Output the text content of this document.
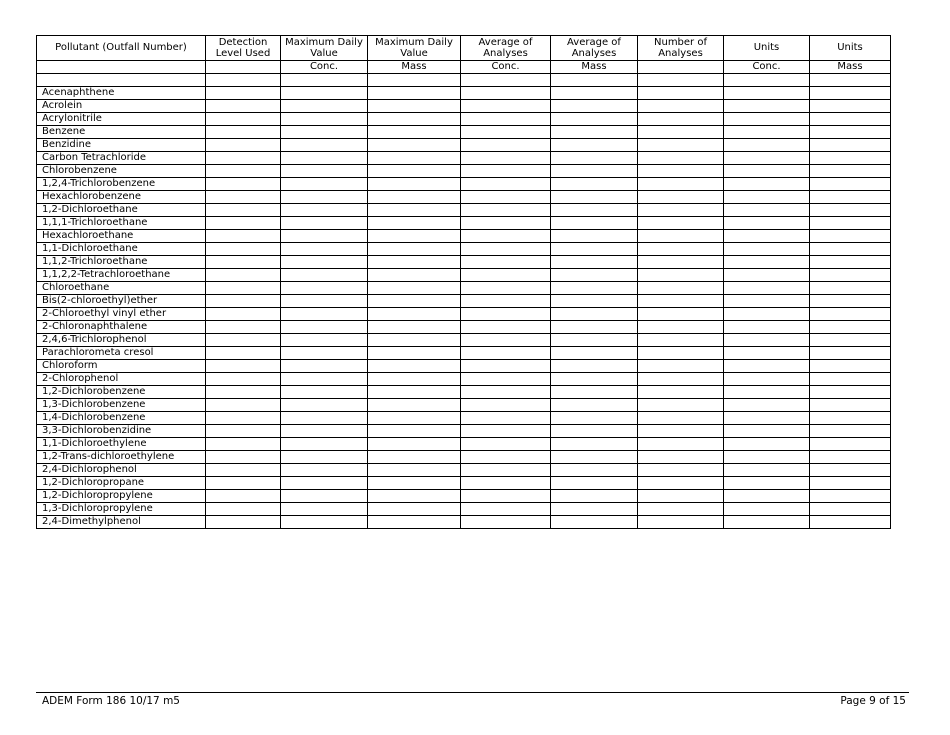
Pollutant (Outfall Number)	Detection Level Used	Maximum Daily Value	Maximum Daily Value	Average of Analyses	Average of Analyses	Number of Analyses	Units	Units
		Conc.	Mass	Conc.	Mass		Conc.	Mass

Acenaphthene								
Acrolein								
Acrylonitrile								
Benzene								
Benzidine								
Carbon Tetrachloride								
Chlorobenzene								
1,2,4-Trichlorobenzene								
Hexachlorobenzene								
1,2-Dichloroethane								
1,1,1-Trichloroethane								
Hexachloroethane								
1,1-Dichloroethane								
1,1,2-Trichloroethane								
1,1,2,2-Tetrachloroethane								
Chloroethane								
Bis(2-chloroethyl)ether								
2-Chloroethyl vinyl ether								
2-Chloronaphthalene								
2,4,6-Trichlorophenol								
Parachlorometa cresol								
Chloroform								
2-Chlorophenol								
1,2-Dichlorobenzene								
1,3-Dichlorobenzene								
1,4-Dichlorobenzene								
3,3-Dichlorobenzidine								
1,1-Dichloroethylene								
1,2-Trans-dichloroethylene								
2,4-Dichlorophenol								
1,2-Dichloropropane								
1,2-Dichloropropylene								
1,3-Dichloropropylene								
2,4-Dimethylphenol								
ADEM Form 186 10/17 m5	Page 9 of 15
